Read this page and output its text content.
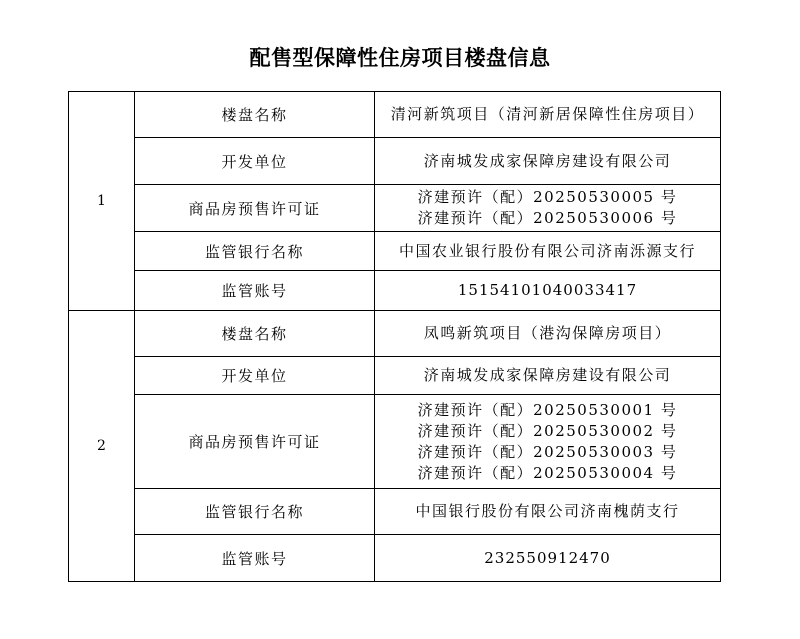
配售型保障性住房项目楼盘信息
1	楼盘名称	清河新筑项目（清河新居保障性住房项目）

	开发单位	济南城发成家保障房建设有限公司

	商品房预售许可证	济建预许（配）20250530005 号
济建预许（配）20250530006 号

	监管银行名称	中国农业银行股份有限公司济南泺源支行

	监管账号	15154101040033417

2	楼盘名称	凤鸣新筑项目（港沟保障房项目）

	开发单位	济南城发成家保障房建设有限公司

	商品房预售许可证	济建预许（配）20250530001 号
济建预许（配）20250530002 号
济建预许（配）20250530003 号
济建预许（配）20250530004 号

	监管银行名称	中国银行股份有限公司济南槐荫支行

	监管账号	232550912470
